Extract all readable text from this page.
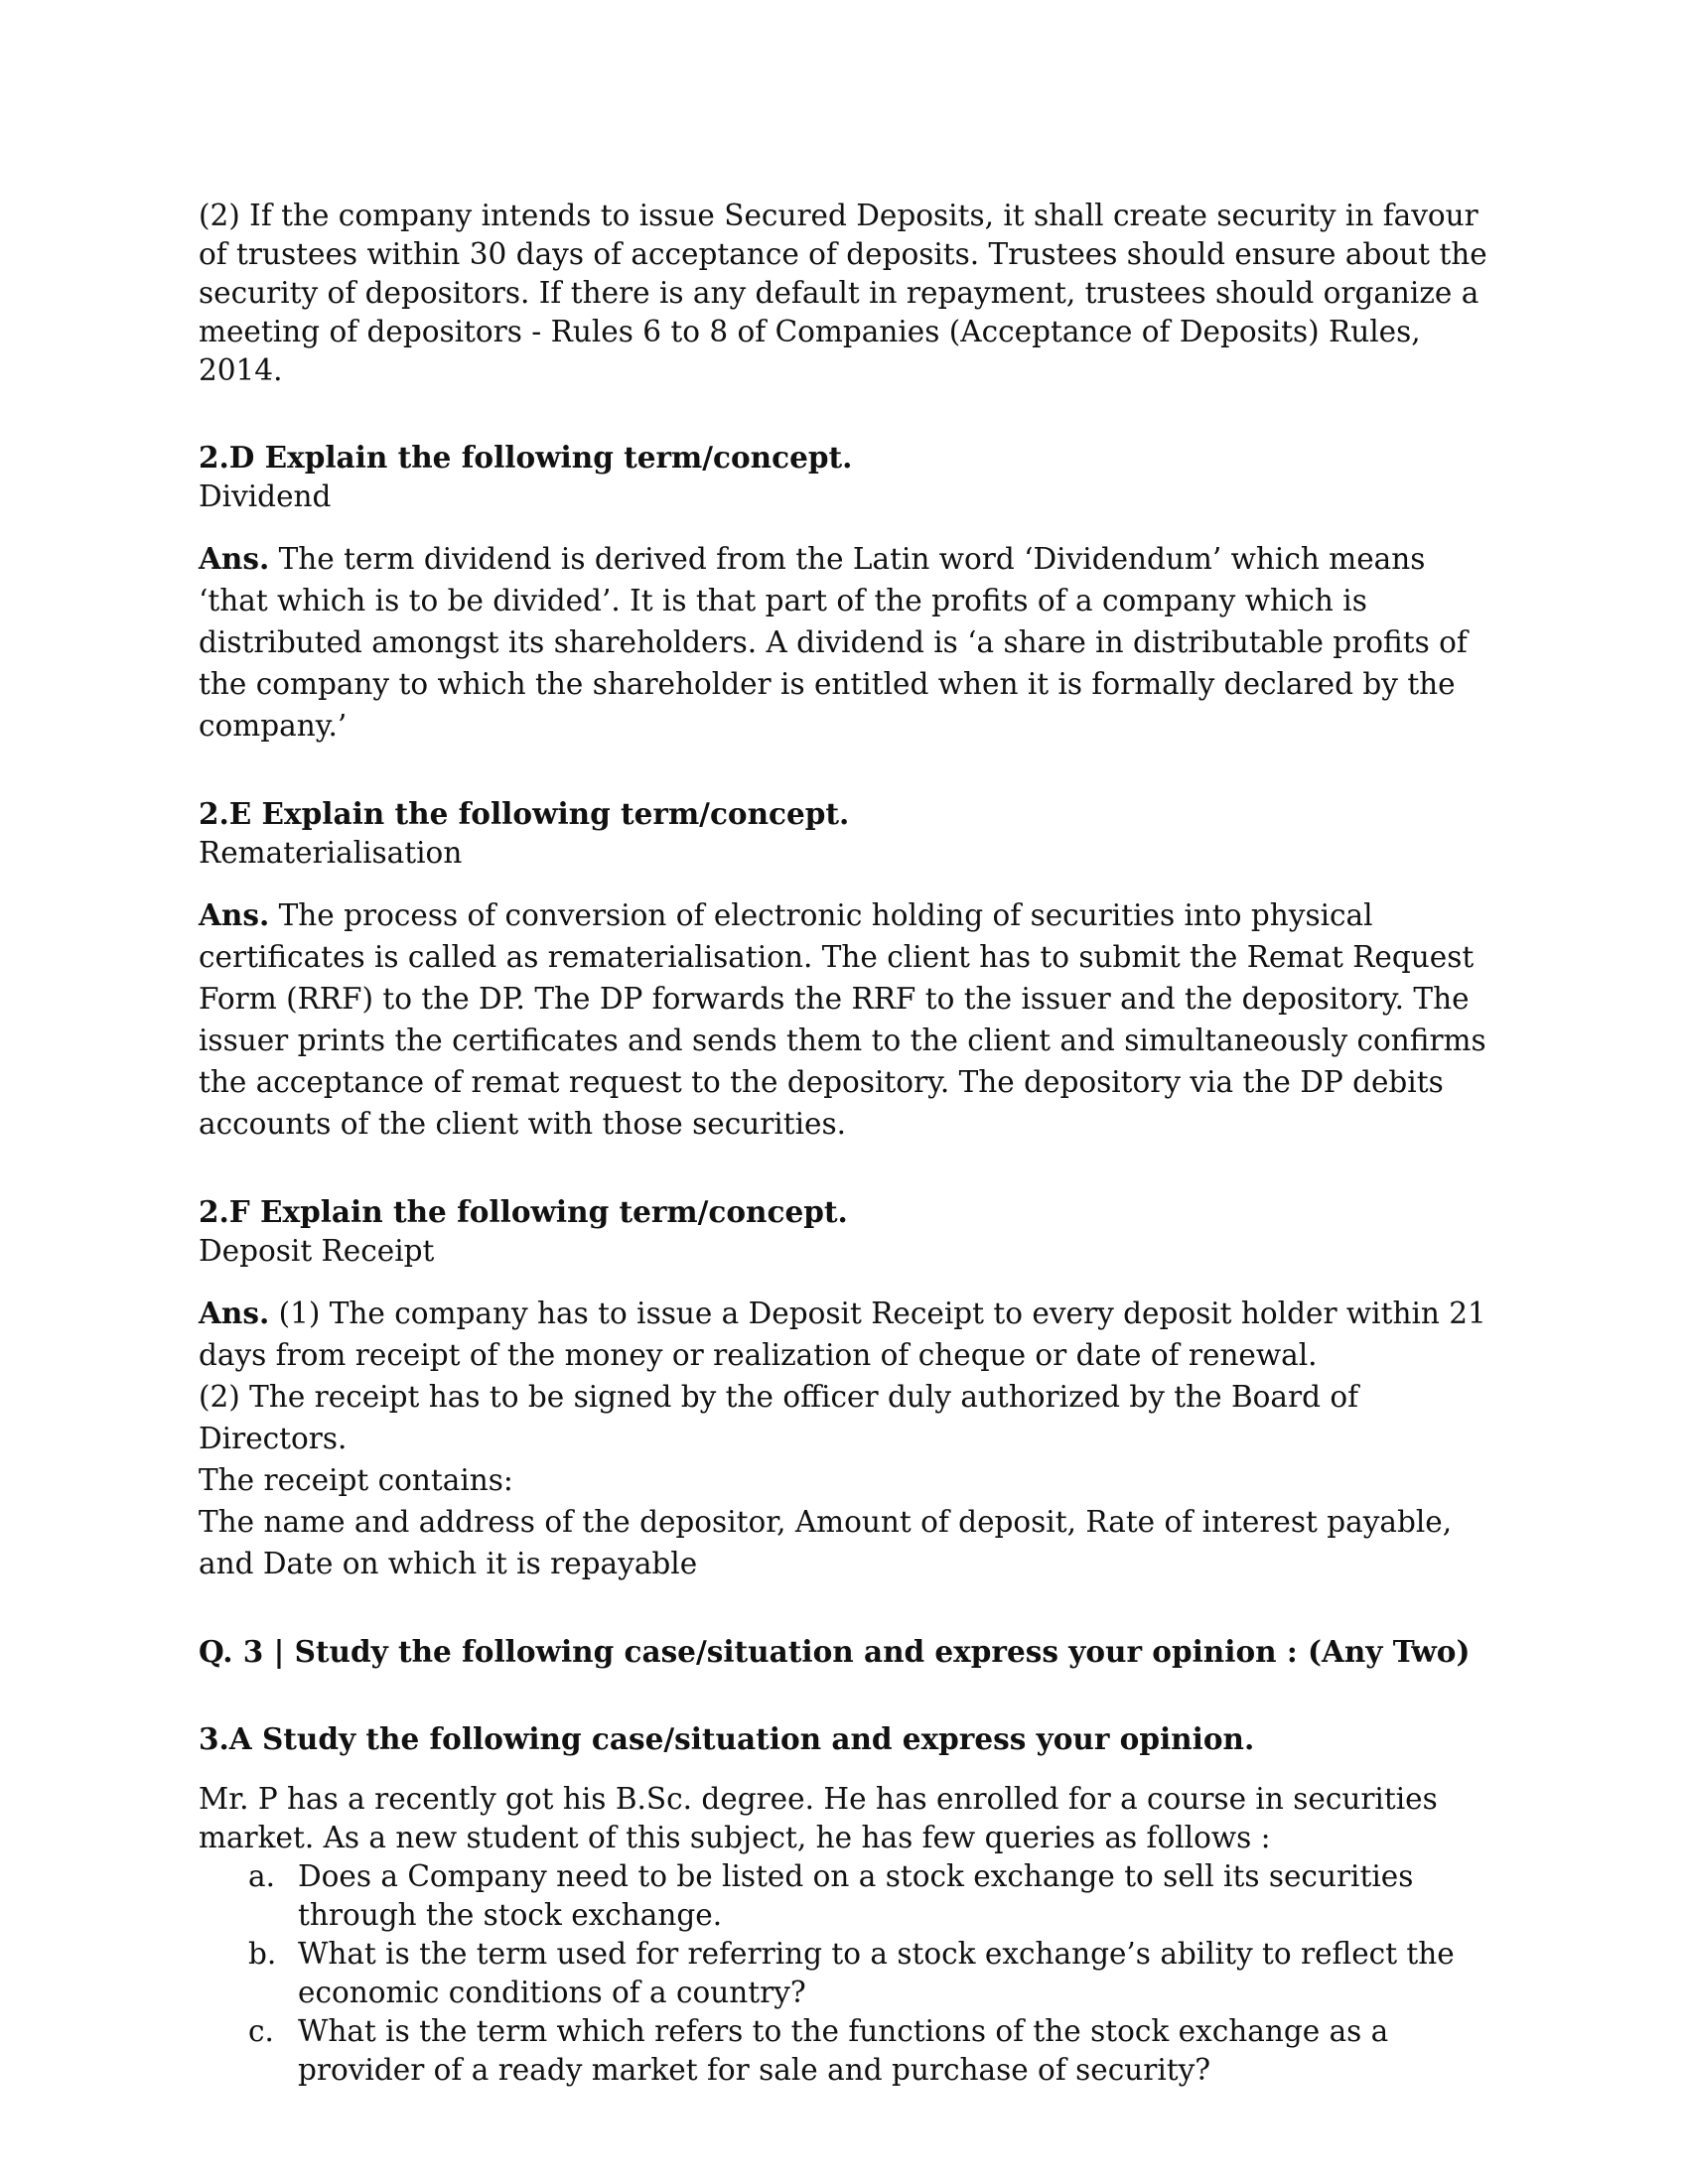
(2) If the company intends to issue Secured Deposits, it shall create security in favour of trustees within 30 days of acceptance of deposits. Trustees should ensure about the security of depositors. If there is any default in repayment, trustees should organize a meeting of depositors - Rules 6 to 8 of Companies (Acceptance of Deposits) Rules, 2014.

2.D Explain the following term/concept.

Dividend

Ans. The term dividend is derived from the Latin word ‘Dividendum’ which means ‘that which is to be divided’. It is that part of the profits of a company which is distributed amongst its shareholders. A dividend is ‘a share in distributable profits of the company to which the shareholder is entitled when it is formally declared by the company.’

2.E Explain the following term/concept.

Rematerialisation

Ans. The process of conversion of electronic holding of securities into physical certificates is called as rematerialisation. The client has to submit the Remat Request Form (RRF) to the DP. The DP forwards the RRF to the issuer and the depository. The issuer prints the certificates and sends them to the client and simultaneously confirms the acceptance of remat request to the depository. The depository via the DP debits accounts of the client with those securities.

2.F Explain the following term/concept.

Deposit Receipt

Ans. (1) The company has to issue a Deposit Receipt to every deposit holder within 21 days from receipt of the money or realization of cheque or date of renewal.

(2) The receipt has to be signed by the officer duly authorized by the Board of Directors.

The receipt contains:

The name and address of the depositor, Amount of deposit, Rate of interest payable, and Date on which it is repayable

Q. 3 | Study the following case/situation and express your opinion : (Any Two)

3.A Study the following case/situation and express your opinion.

Mr. P has a recently got his B.Sc. degree. He has enrolled for a course in securities market. As a new student of this subject, he has few queries as follows :

a. Does a Company need to be listed on a stock exchange to sell its securities through the stock exchange.
b. What is the term used for referring to a stock exchange’s ability to reflect the economic conditions of a country?
c. What is the term which refers to the functions of the stock exchange as a provider of a ready market for sale and purchase of security?
